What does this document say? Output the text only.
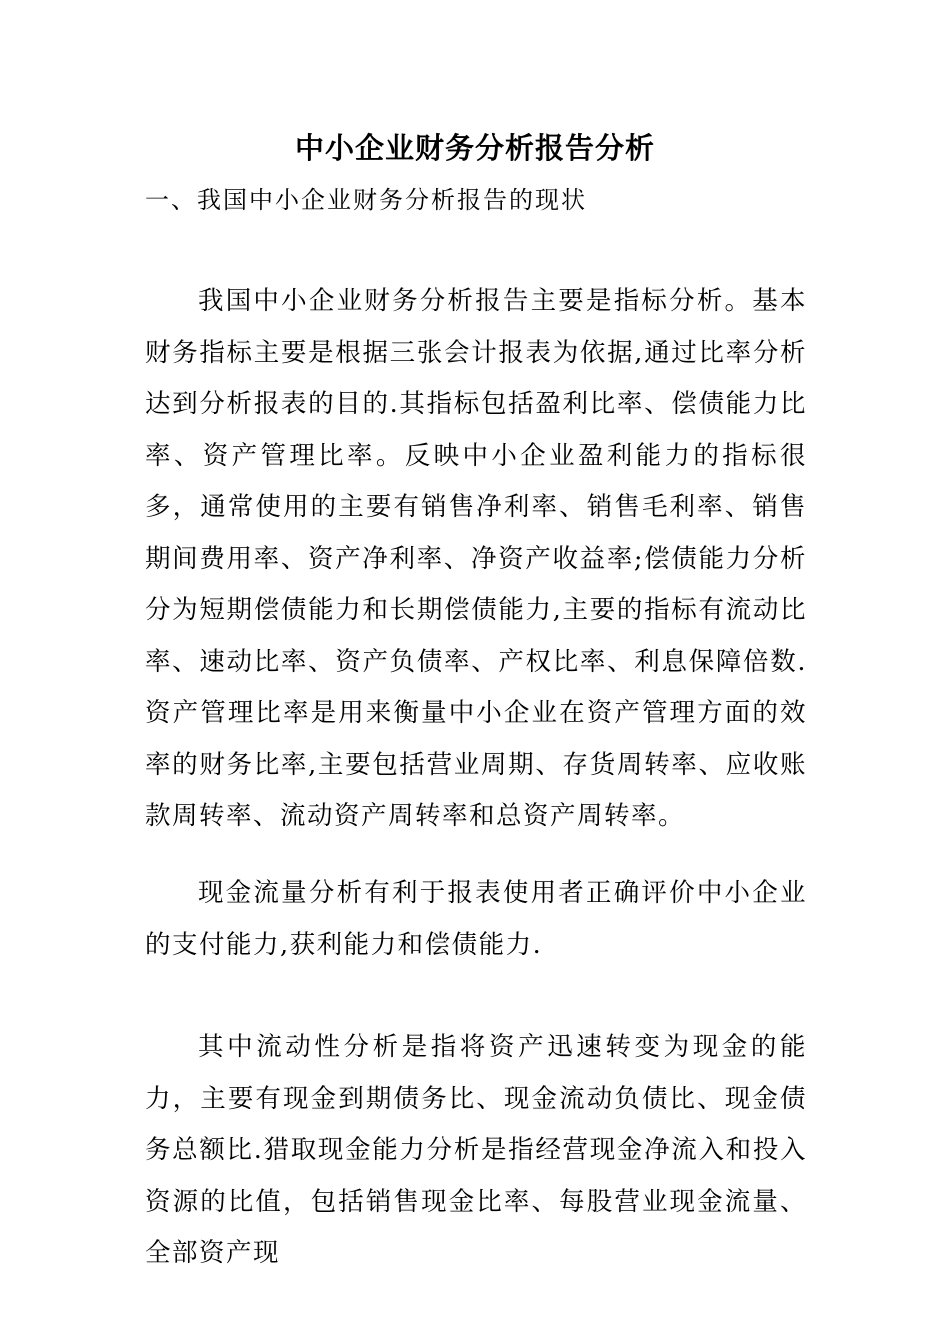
中小企业财务分析报告分析
一、我国中小企业财务分析报告的现状

我国中小企业财务分析报告主要是指标分析。基本财务指标主要是根据三张会计报表为依据,通过比率分析达到分析报表的目的.其指标包括盈利比率、偿债能力比率、资产管理比率。反映中小企业盈利能力的指标很多，通常使用的主要有销售净利率、销售毛利率、销售期间费用率、资产净利率、净资产收益率;偿债能力分析分为短期偿债能力和长期偿债能力,主要的指标有流动比率、速动比率、资产负债率、产权比率、利息保障倍数.资产管理比率是用来衡量中小企业在资产管理方面的效率的财务比率,主要包括营业周期、存货周转率、应收账款周转率、流动资产周转率和总资产周转率。

现金流量分析有利于报表使用者正确评价中小企业的支付能力,获利能力和偿债能力.

其中流动性分析是指将资产迅速转变为现金的能力，主要有现金到期债务比、现金流动负债比、现金债务总额比.猎取现金能力分析是指经营现金净流入和投入资源的比值，包括销售现金比率、每股营业现金流量、全部资产现
